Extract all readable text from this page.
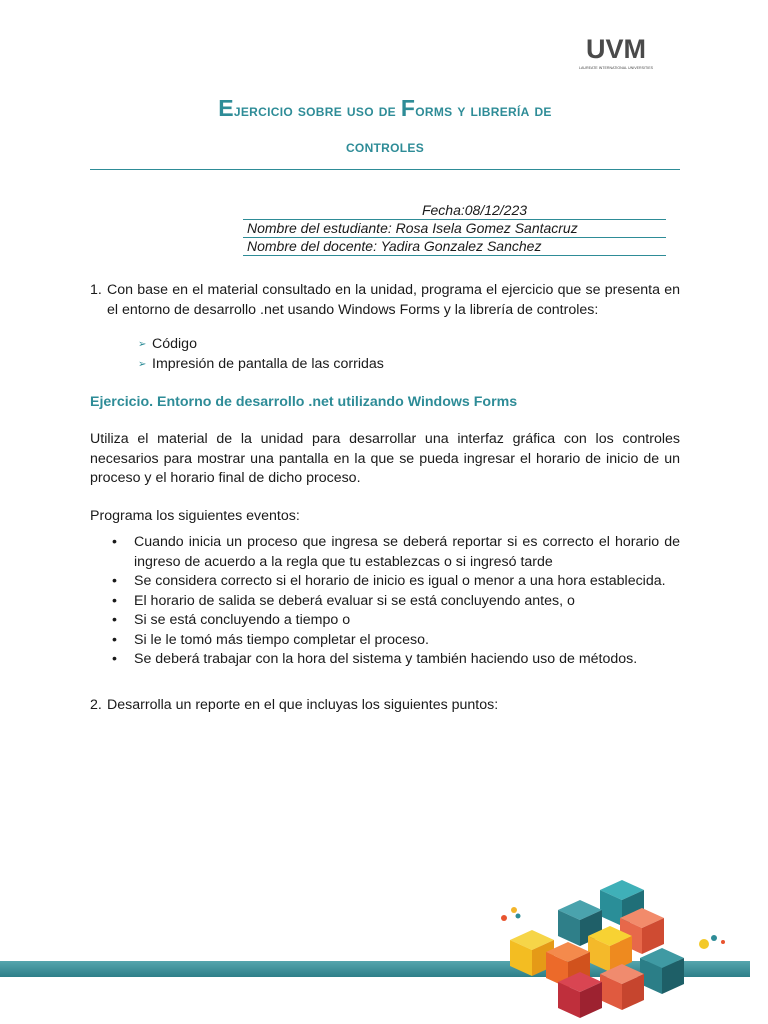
UVM
LAUREATE INTERNATIONAL UNIVERSITIES
Ejercicio sobre uso de Forms y librería de
controles
Fecha:08/12/223
Nombre del estudiante: Rosa Isela Gomez Santacruz
Nombre del docente: Yadira Gonzalez Sanchez
1. Con base en el material consultado en la unidad, programa el ejercicio que se presenta en el entorno de desarrollo .net usando Windows Forms y la librería de controles:
➢ Código
➢ Impresión de pantalla de las corridas
Ejercicio. Entorno de desarrollo .net utilizando Windows Forms
Utiliza el material de la unidad para desarrollar una interfaz gráfica con los controles necesarios para mostrar una pantalla en la que se pueda ingresar el horario de inicio de un proceso y el horario final de dicho proceso.
Programa los siguientes eventos:
•	Cuando inicia un proceso que ingresa se deberá reportar si es correcto el horario de ingreso de acuerdo a la regla que tu establezcas o si ingresó tarde
•	Se considera correcto si el horario de inicio es igual o menor a una hora establecida.
•	El horario de salida se deberá evaluar si se está concluyendo antes, o
•	Si se está concluyendo a tiempo o
•	Si le le tomó más tiempo completar el proceso.
•	Se deberá trabajar con la hora del sistema y también haciendo uso de métodos.
2. Desarrolla un reporte en el que incluyas los siguientes puntos:
